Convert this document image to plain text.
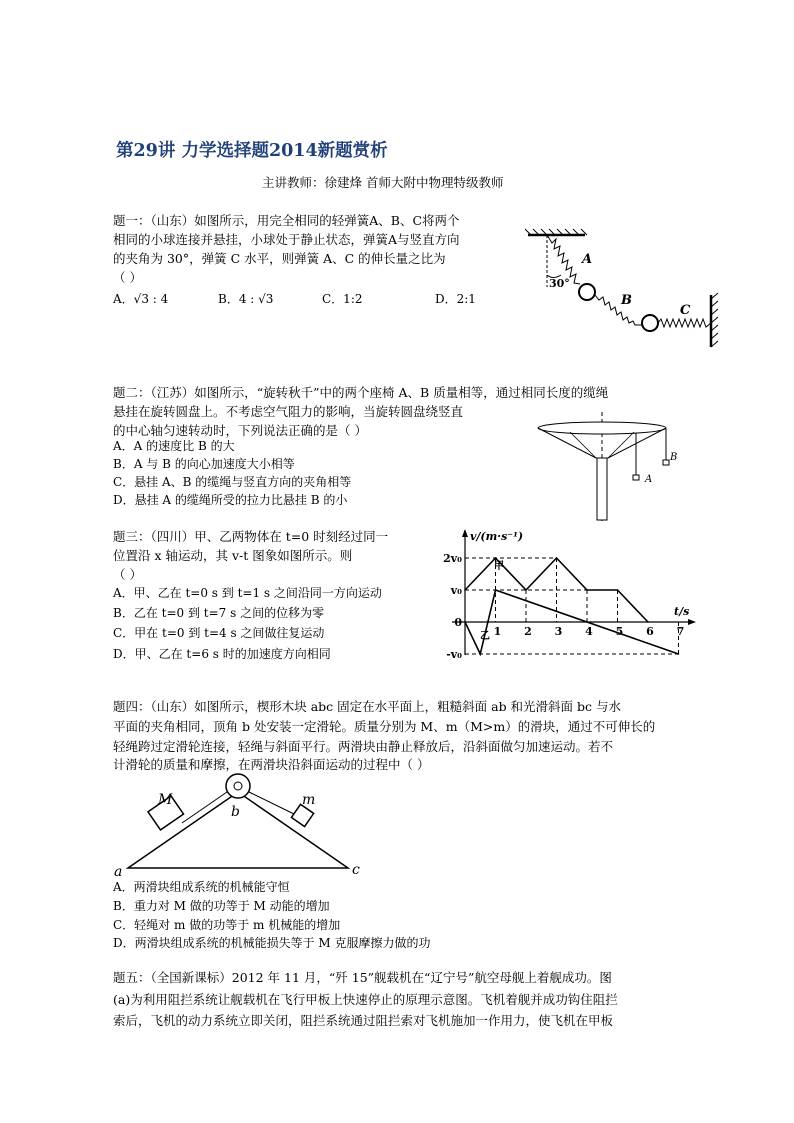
第29讲 力学选择题2014新题赏析
主讲教师：徐建烽 首师大附中物理特级教师
题一：（山东）如图所示，用完全相同的轻弹簧A、B、C将两个
相同的小球连接并悬挂，小球处于静止状态，弹簧A与竖直方向
的夹角为 30°，弹簧 C 水平，则弹簧 A、C 的伸长量之比为
（ ）
A．√3 : 4	B．4 : √3	C．1:2	D．2:1
A
B
C
30°
题二：（江苏）如图所示，“旋转秋千”中的两个座椅 A、B 质量相等，通过相同长度的缆绳
悬挂在旋转圆盘上。不考虑空气阻力的影响，当旋转圆盘绕竖直
的中心轴匀速转动时，下列说法正确的是（ ）
A．A 的速度比 B 的大
B．A 与 B 的向心加速度大小相等
C．悬挂 A、B 的缆绳与竖直方向的夹角相等
D．悬挂 A 的缆绳所受的拉力比悬挂 B 的小
A
B
题三：（四川）甲、乙两物体在 t=0 时刻经过同一
位置沿 x 轴运动，其 v-t 图象如图所示。则
（ ）
A．甲、乙在 t=0 s 到 t=1 s 之间沿同一方向运动
B．乙在 t=0 到 t=7 s 之间的位移为零
C．甲在 t=0 到 t=4 s 之间做往复运动
D．甲、乙在 t=6 s 时的加速度方向相同
v/(m·s⁻¹)
t/s
甲
乙
2v₀
v₀
0
-v₀
1 2 3 4 5 6 7
题四：（山东）如图所示，楔形木块 abc 固定在水平面上，粗糙斜面 ab 和光滑斜面 bc 与水
平面的夹角相同，顶角 b 处安装一定滑轮。质量分别为 M、m（M>m）的滑块，通过不可伸长的
轻绳跨过定滑轮连接，轻绳与斜面平行。两滑块由静止释放后，沿斜面做匀加速运动。若不
计滑轮的质量和摩擦，在两滑块沿斜面运动的过程中（ ）
M	m
a
b
c
A．两滑块组成系统的机械能守恒
B．重力对 M 做的功等于 M 动能的增加
C．轻绳对 m 做的功等于 m 机械能的增加
D．两滑块组成系统的机械能损失等于 M 克服摩擦力做的功
题五：（全国新课标）2012 年 11 月，“歼 15”舰载机在“辽宁号”航空母舰上着舰成功。图
(a)为利用阻拦系统让舰载机在飞行甲板上快速停止的原理示意图。飞机着舰并成功钩住阻拦
索后，飞机的动力系统立即关闭，阻拦系统通过阻拦索对飞机施加一作用力，使飞机在甲板
